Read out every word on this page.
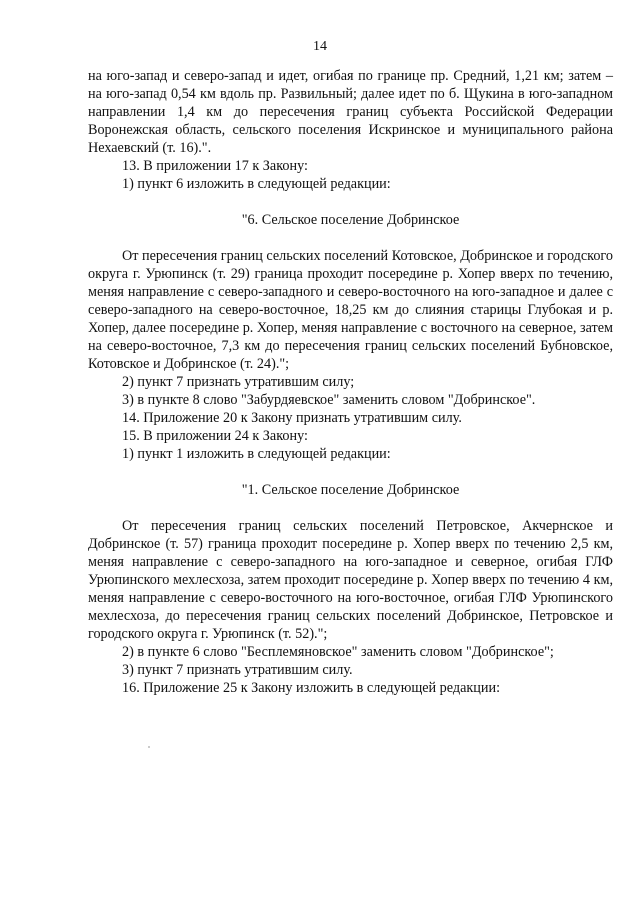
14

на юго-запад и северо-запад и идет, огибая по границе пр. Средний, 1,21 км; затем – на юго-запад 0,54 км вдоль пр. Развильный; далее идет по б. Щукина в юго-западном направлении 1,4 км до пересечения границ субъекта Российской Федерации Воронежская область, сельского поселения Искринское и муниципального района Нехаевский (т. 16).".

13. В приложении 17 к Закону:

1) пункт 6 изложить в следующей редакции:

"6. Сельское поселение Добринское

От пересечения границ сельских поселений Котовское, Добринское и городского округа г. Урюпинск (т. 29) граница проходит посередине р. Хопер вверх по течению, меняя направление с северо-западного и северо-восточного на юго-западное и далее с северо-западного на северо-восточное, 18,25 км до слияния старицы Глубокая и р. Хопер, далее посередине р. Хопер, меняя направление с восточного на северное, затем на северо-восточное, 7,3 км до пересечения границ сельских поселений Бубновское, Котовское и Добринское (т. 24).";

2) пункт 7 признать утратившим силу;

3) в пункте 8 слово "Забурдяевское" заменить словом "Добринское".

14. Приложение 20 к Закону признать утратившим силу.

15. В приложении 24 к Закону:

1) пункт 1 изложить в следующей редакции:

"1. Сельское поселение Добринское

От пересечения границ сельских поселений Петровское, Акчернское и Добринское (т. 57) граница проходит посередине р. Хопер вверх по течению 2,5 км, меняя направление с северо-западного на юго-западное и северное, огибая ГЛФ Урюпинского мехлесхоза, затем проходит посередине р. Хопер вверх по течению 4 км, меняя направление с северо-восточного на юго-восточное, огибая ГЛФ Урюпинского мехлесхоза, до пересечения границ сельских поселений Добринское, Петровское и городского округа г. Урюпинск (т. 52).";

2) в пункте 6 слово "Бесплемяновское" заменить словом "Добринское";

3) пункт 7 признать утратившим силу.

16. Приложение 25 к Закону изложить в следующей редакции:
